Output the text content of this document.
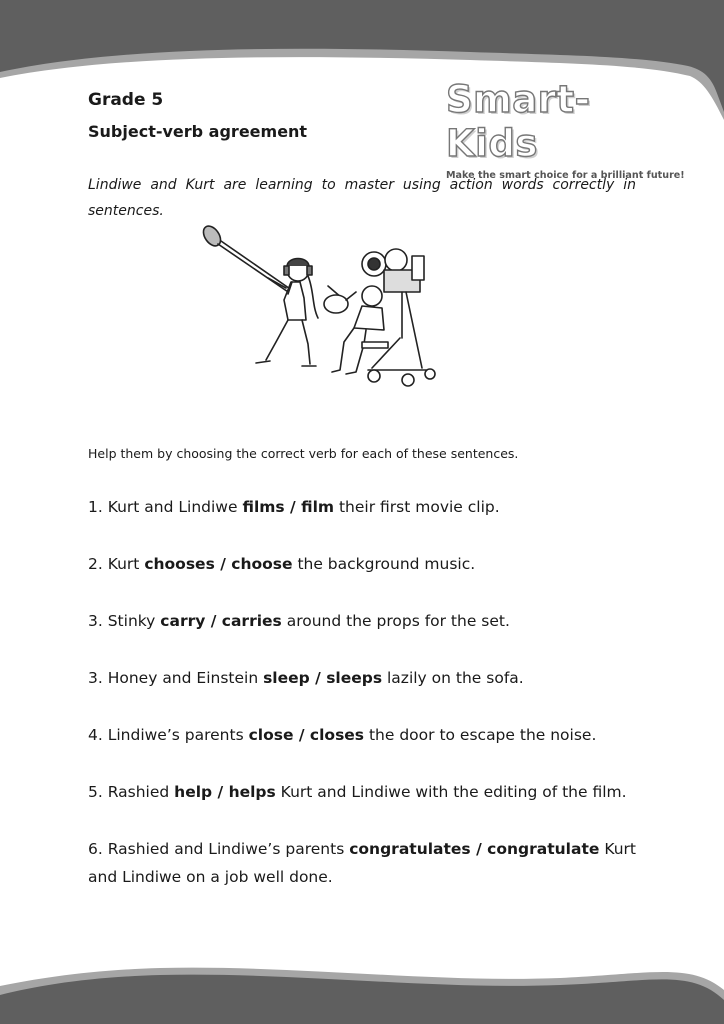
Grade 5
Subject-verb agreement
Smart-Kids
Make the smart choice for a brilliant future!
Lindiwe and Kurt are learning to master using action words correctly in sentences.
Help them by choosing the correct verb for each of these sentences.
1. Kurt and Lindiwe films / film their first movie clip.
2. Kurt chooses / choose the background music.
3. Stinky carry / carries around the props for the set.
3. Honey and Einstein sleep / sleeps lazily on the sofa.
4. Lindiwe’s parents close / closes the door to escape the noise.
5. Rashied help / helps Kurt and Lindiwe with the editing of the film.
6. Rashied and Lindiwe’s parents congratulates / congratulate Kurt and Lindiwe on a job well done.
